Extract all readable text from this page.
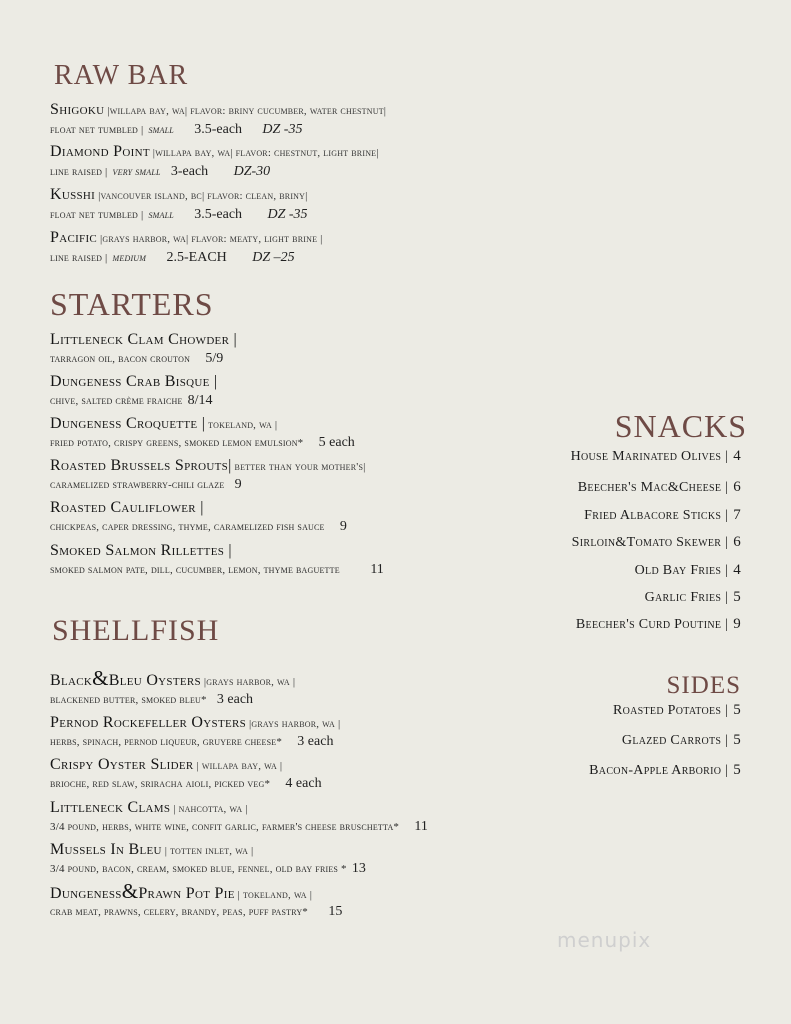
RAW BAR
Shigoku |willapa bay, wa| flavor: briny cucumber, water chestnut|
float net tumbled | small 3.5-each DZ -35
Diamond Point |willapa bay, wa| flavor: chestnut, light brine|
line raised | very small 3-each DZ-30
Kusshi |vancouver island, bc| flavor: clean, briny|
float net tumbled | small 3.5-each DZ -35
Pacific |grays harbor, wa| flavor: meaty, light brine |
line raised | medium 2.5-EACH DZ –25
STARTERS
Littleneck Clam Chowder |
tarragon oil, bacon crouton 5/9
Dungeness Crab Bisque |
chive, salted crème fraiche 8/14
Dungeness Croquette | tokeland, wa |
fried potato, crispy greens, smoked lemon emulsion* 5 each
Roasted Brussels Sprouts| better than your mother's|
caramelized strawberry-chili glaze 9
Roasted Cauliflower |
chickpeas, caper dressing, thyme, caramelized fish sauce 9
Smoked Salmon Rillettes |
smoked salmon pate, dill, cucumber, lemon, thyme baguette 11
SHELLFISH
Black&Bleu Oysters |grays harbor, wa |
blackened butter, smoked bleu* 3 each
Pernod Rockefeller Oysters |grays harbor, wa |
herbs, spinach, pernod liqueur, gruyere cheese* 3 each
Crispy Oyster Slider | willapa bay, wa |
brioche, red slaw, sriracha aioli, picked veg* 4 each
Littleneck Clams | nahcotta, wa |
3/4 pound, herbs, white wine, confit garlic, farmer's cheese bruschetta* 11
Mussels In Bleu | totten inlet, wa |
3/4 pound, bacon, cream, smoked blue, fennel, old bay fries * 13
Dungeness&Prawn Pot Pie | tokeland, wa |
crab meat, prawns, celery, brandy, peas, puff pastry* 15
SNACKS
House Marinated Olives | 4
Beecher's Mac&Cheese | 6
Fried Albacore Sticks | 7
Sirloin&Tomato Skewer | 6
Old Bay Fries | 4
Garlic Fries | 5
Beecher's Curd Poutine | 9
SIDES
Roasted Potatoes | 5
Glazed Carrots | 5
Bacon-Apple Arborio | 5
menupix
